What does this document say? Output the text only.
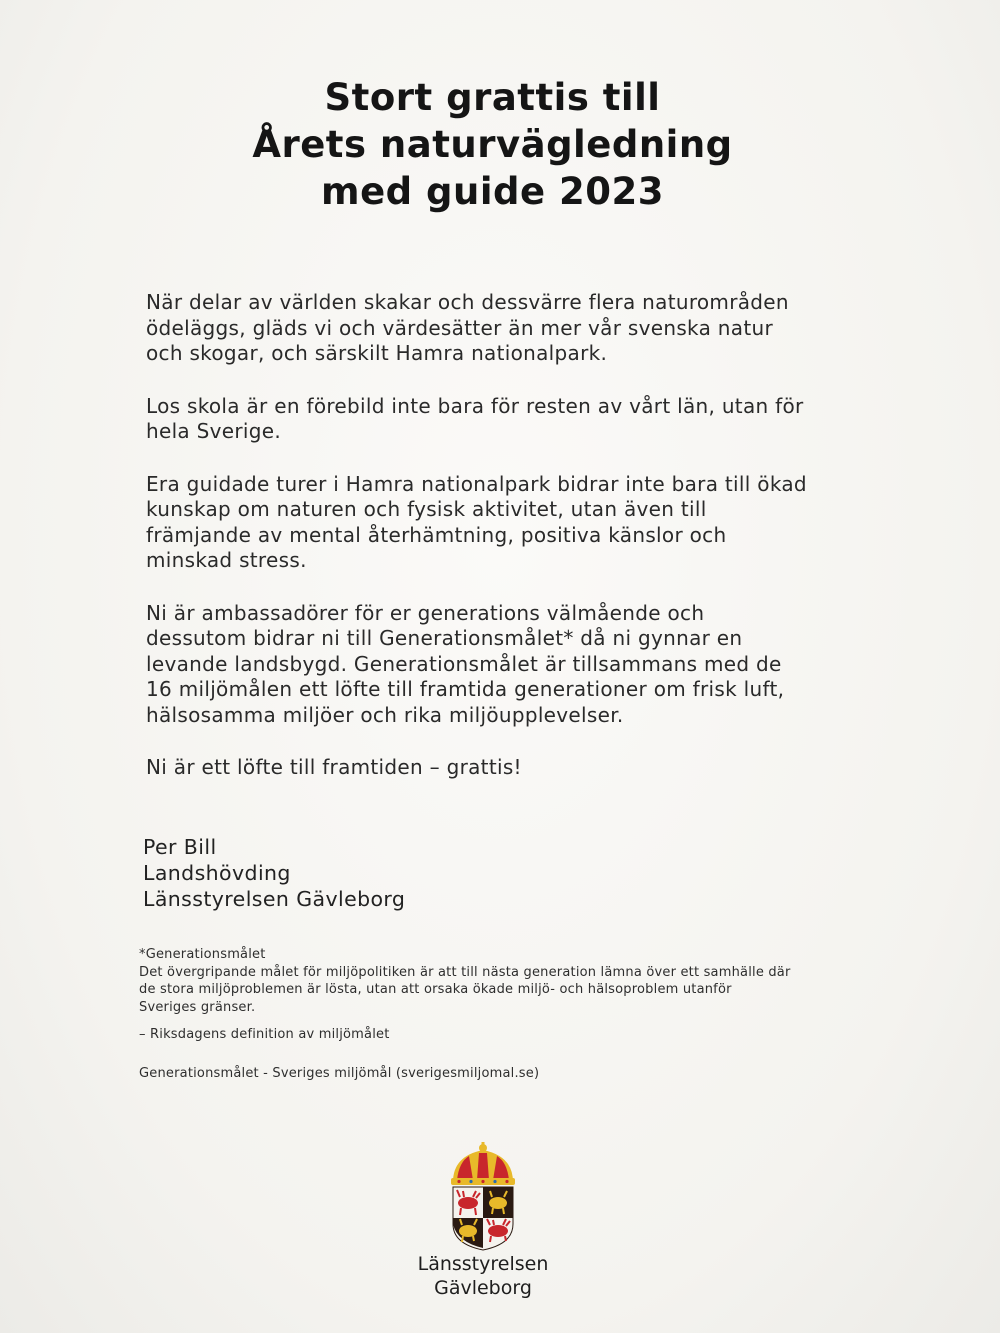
Stort grattis till
Årets naturvägledning
med guide 2023

När delar av världen skakar och dessvärre flera naturområden
ödeläggs, gläds vi och värdesätter än mer vår svenska natur
och skogar, och särskilt Hamra nationalpark.

Los skola är en förebild inte bara för resten av vårt län, utan för
hela Sverige.

Era guidade turer i Hamra nationalpark bidrar inte bara till ökad
kunskap om naturen och fysisk aktivitet, utan även till
främjande av mental återhämtning, positiva känslor och
minskad stress.

Ni är ambassadörer för er generations välmående och
dessutom bidrar ni till Generationsmålet* då ni gynnar en
levande landsbygd. Generationsmålet är tillsammans med de
16 miljömålen ett löfte till framtida generationer om frisk luft,
hälsosamma miljöer och rika miljöupplevelser.

Ni är ett löfte till framtiden – grattis!

Per Bill
Landshövding
Länsstyrelsen Gävleborg
*Generationsmålet
Det övergripande målet för miljöpolitiken är att till nästa generation lämna över ett samhälle där
de stora miljöproblemen är lösta, utan att orsaka ökade miljö- och hälsoproblem utanför
Sveriges gränser.
– Riksdagens definition av miljömålet
Generationsmålet - Sveriges miljömål (sverigesmiljomal.se)
Länsstyrelsen
Gävleborg
